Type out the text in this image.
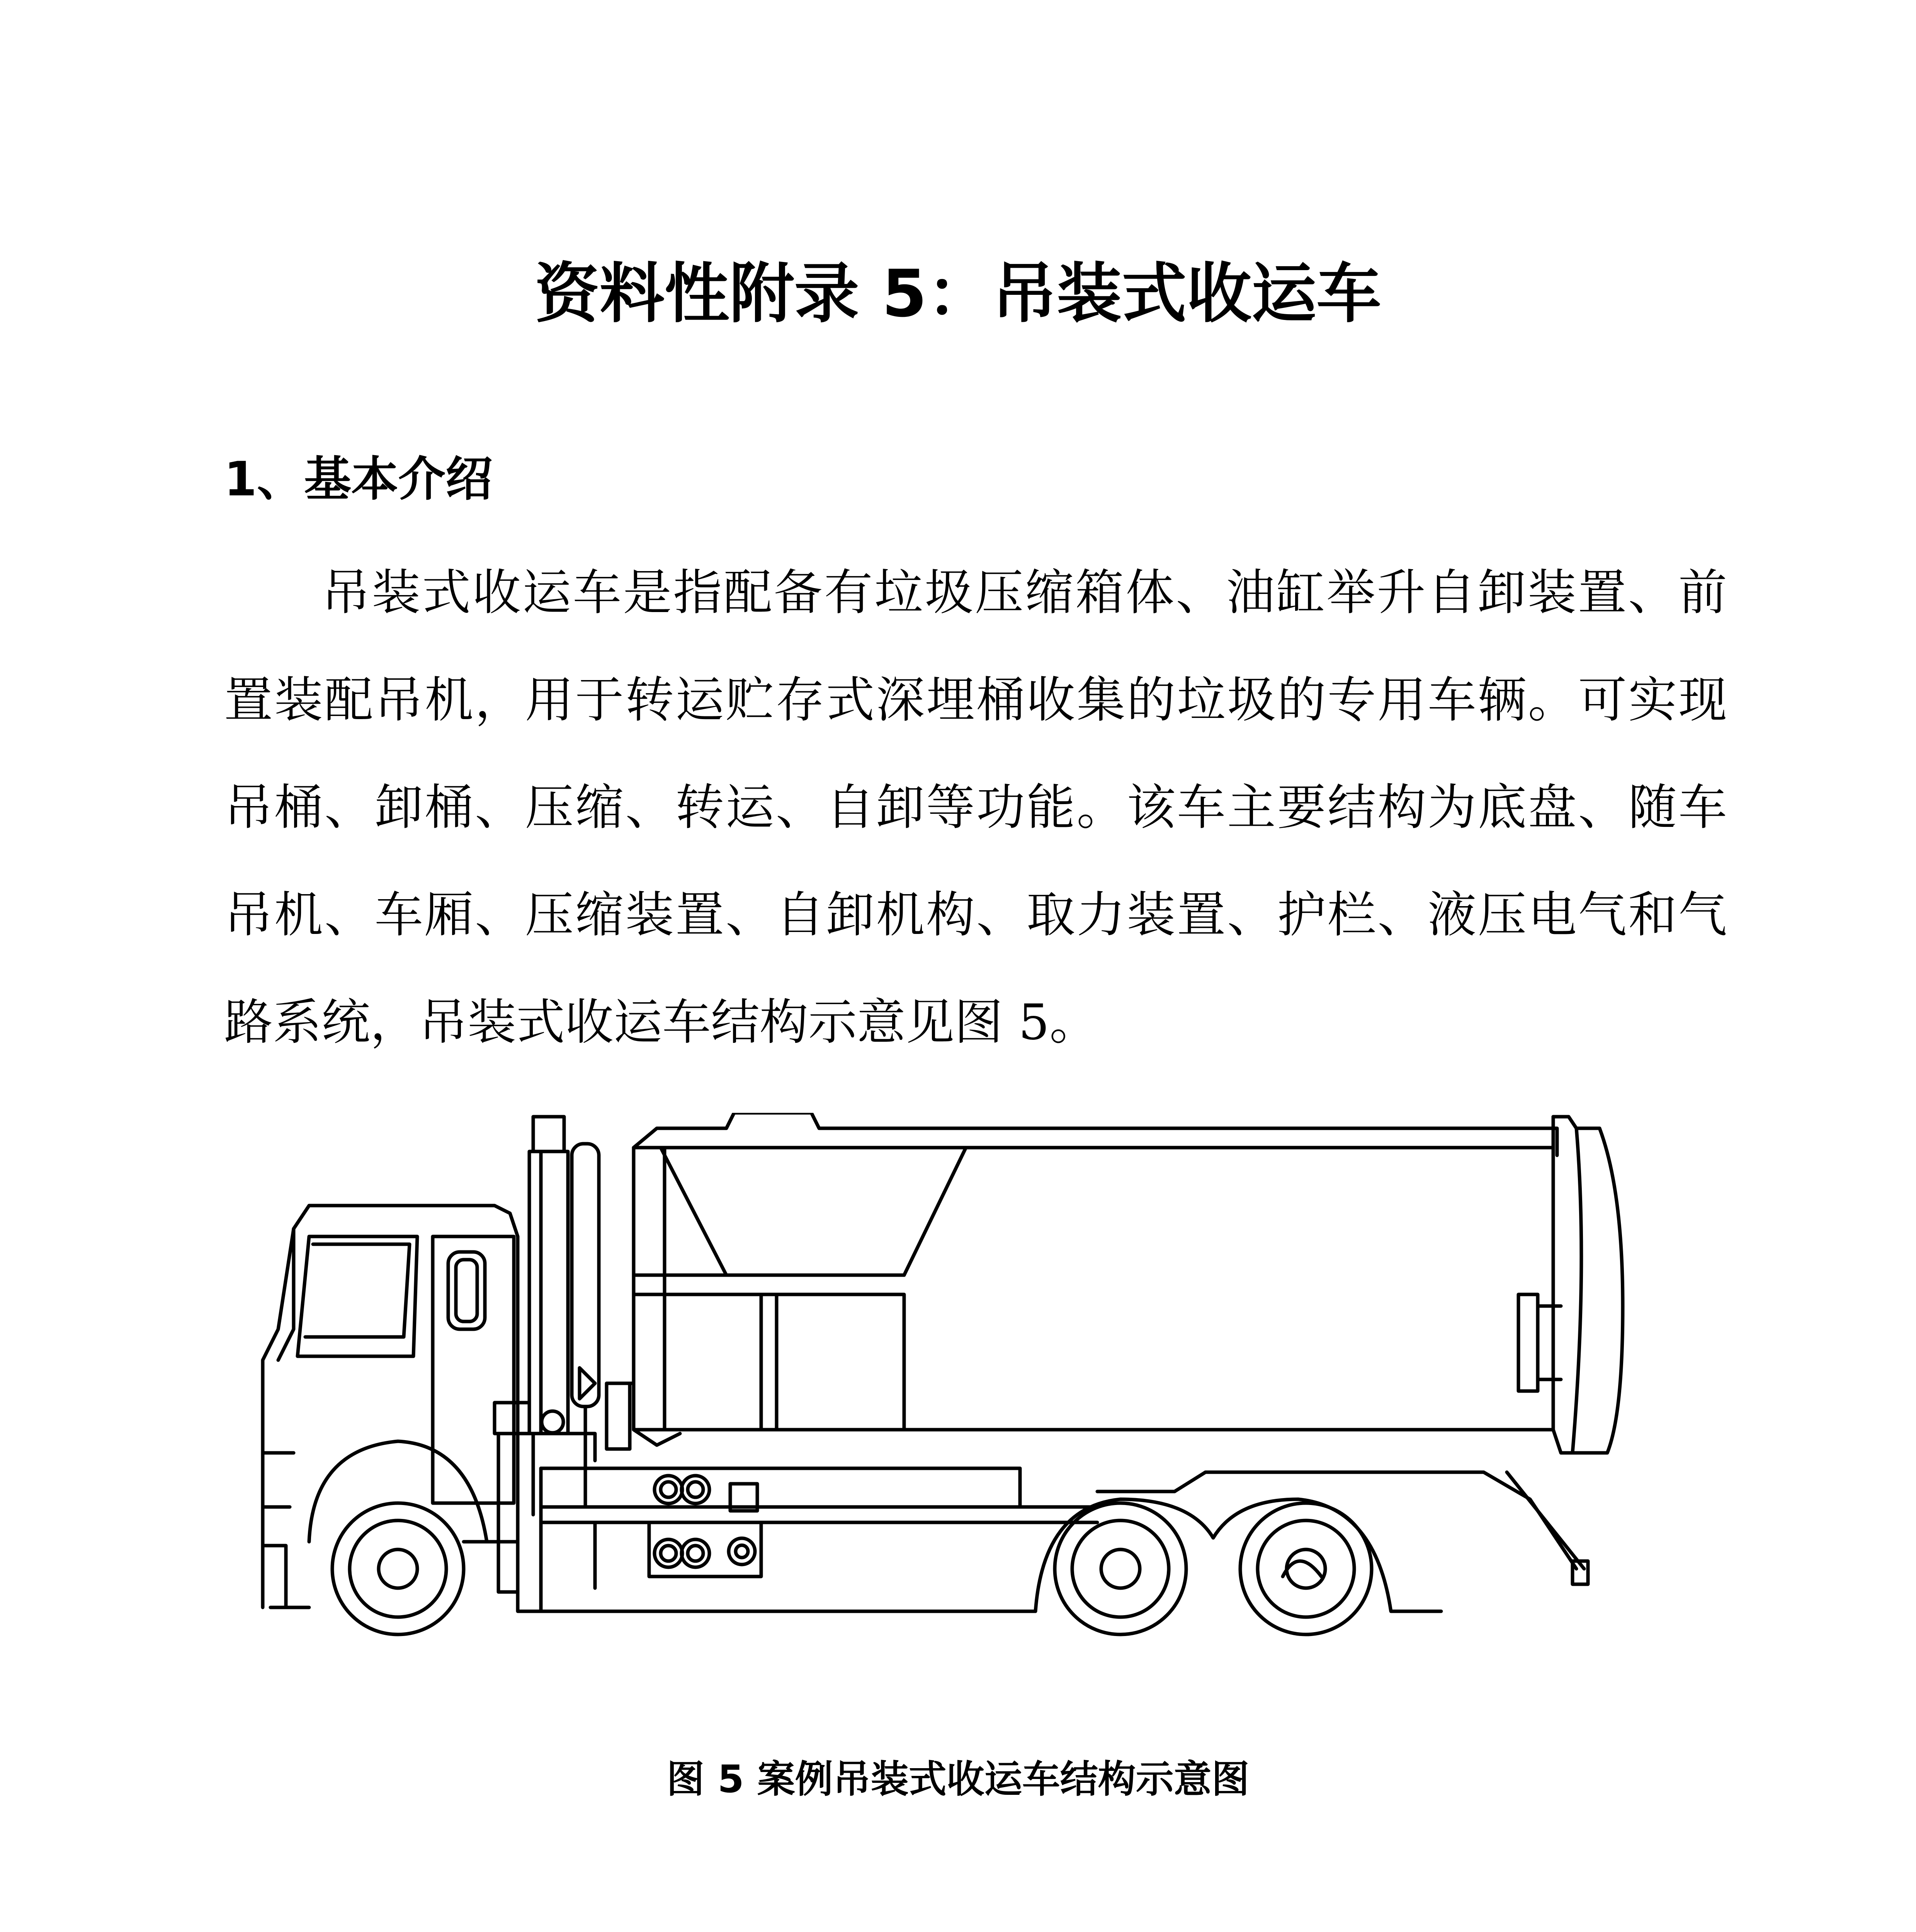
资料性附录 5：吊装式收运车
1、基本介绍
吊装式收运车是指配备有垃圾压缩箱体、油缸举升自卸装置、前置装配吊机，用于转运贮存式深埋桶收集的垃圾的专用车辆。可实现吊桶、卸桶、压缩、转运、自卸等功能。该车主要结构为底盘、随车吊机、车厢、压缩装置、自卸机构、取力装置、护栏、液压电气和气路系统，吊装式收运车结构示意见图 5。
图 5 案例吊装式收运车结构示意图
